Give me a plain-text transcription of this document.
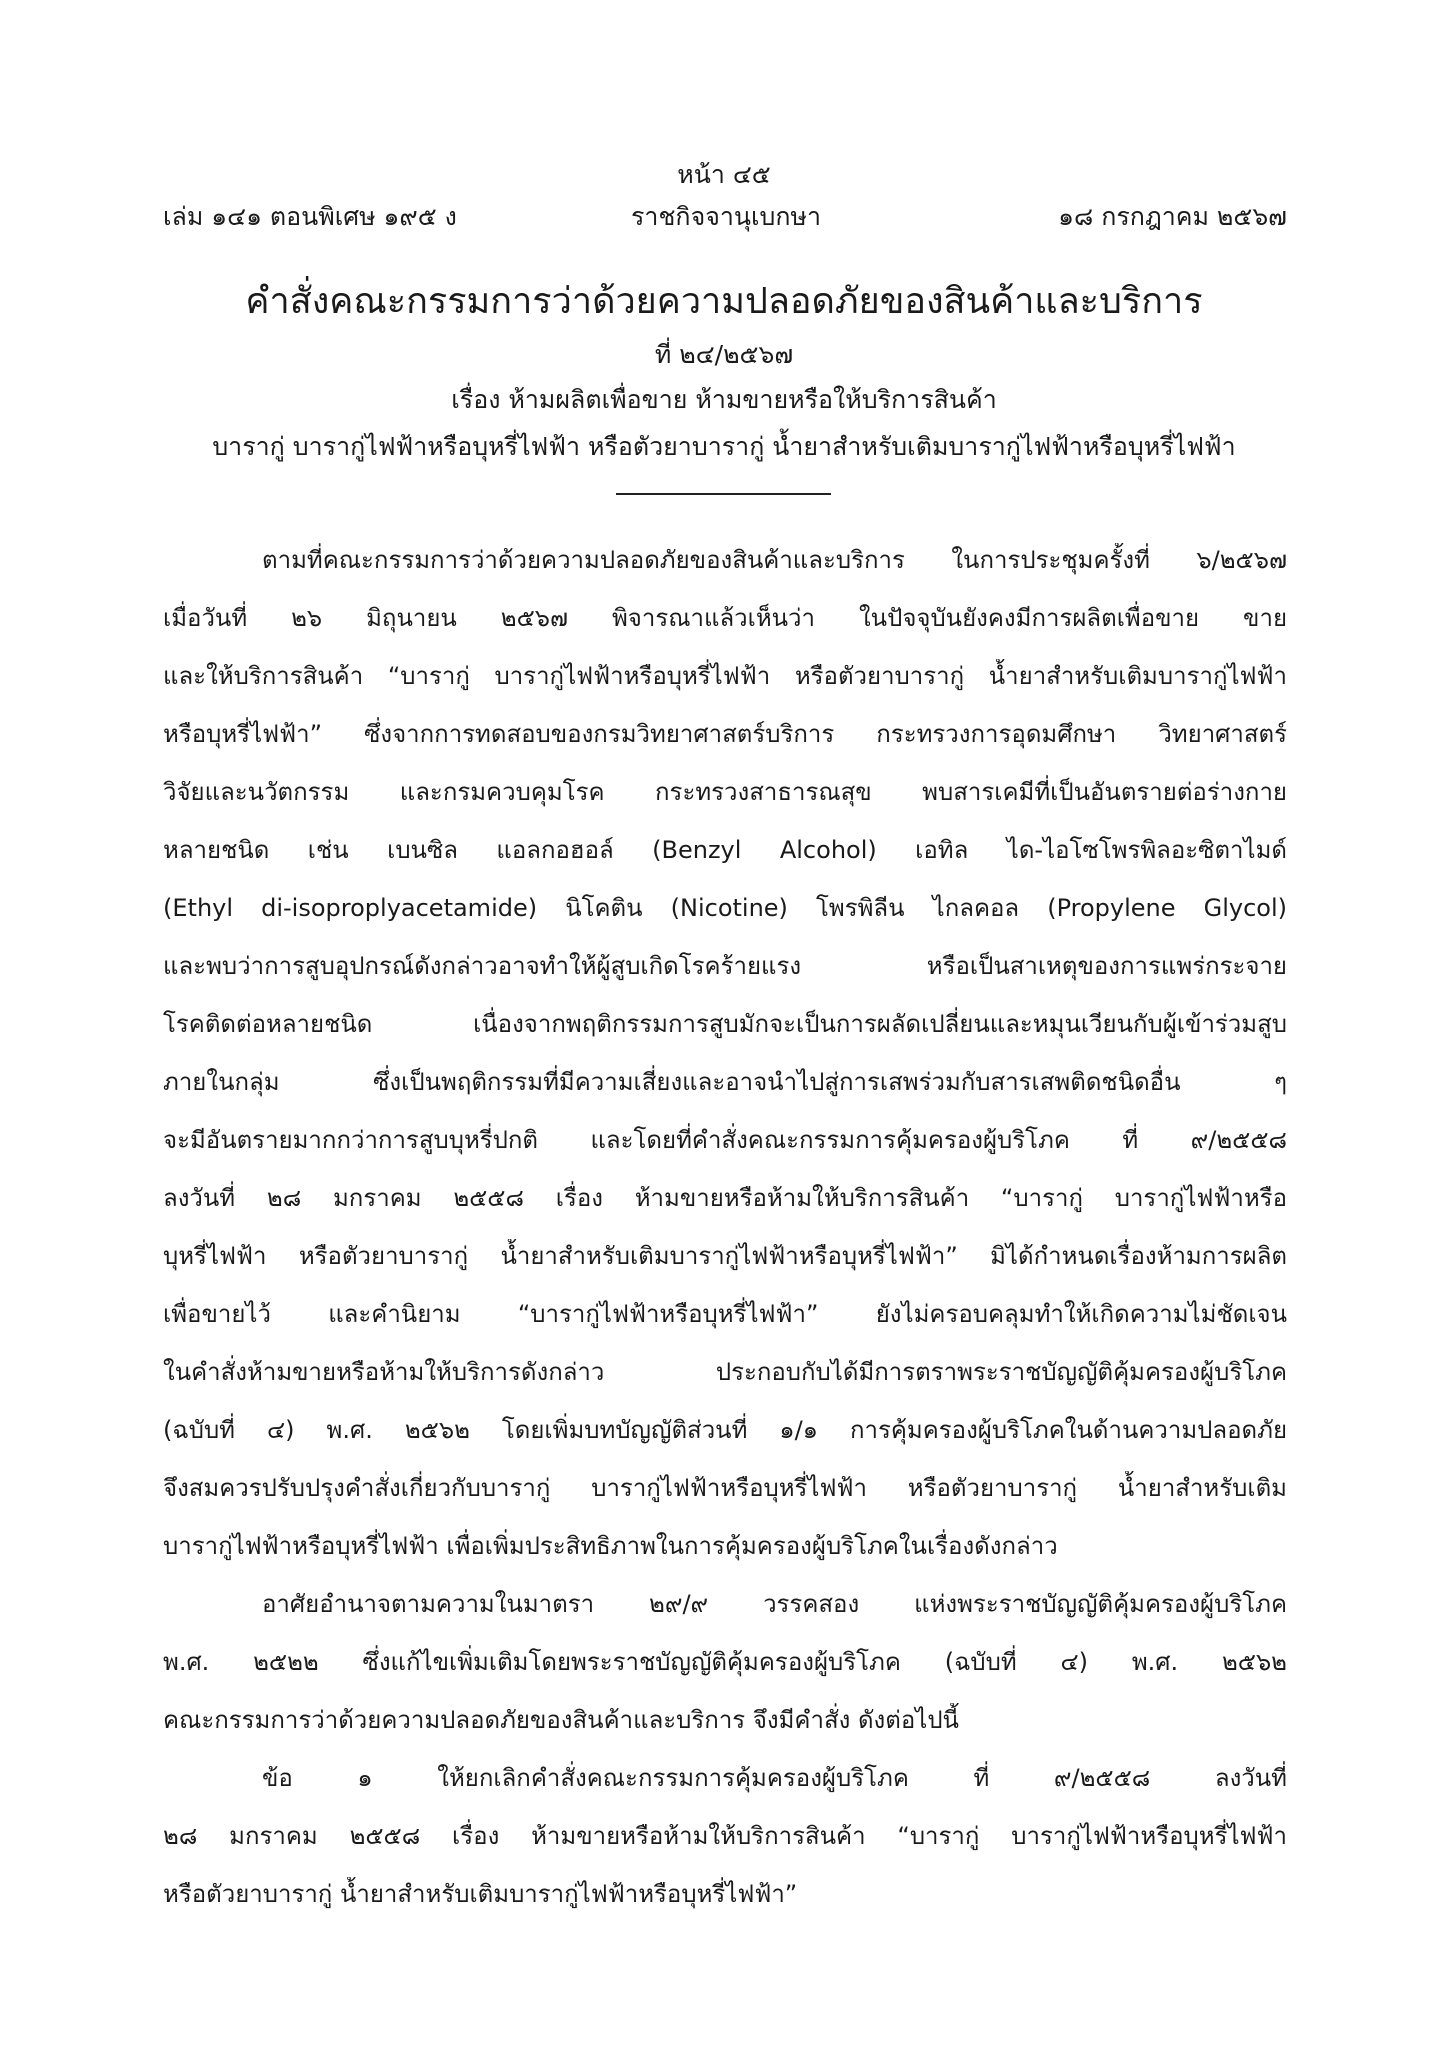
หน้า ๔๕
เล่ม ๑๔๑ ตอนพิเศษ ๑๙๕ ง	ราชกิจจานุเบกษา	๑๘ กรกฎาคม ๒๕๖๗
คำสั่งคณะกรรมการว่าด้วยความปลอดภัยของสินค้าและบริการ
ที่ ๒๔/๒๕๖๗
เรื่อง ห้ามผลิตเพื่อขาย ห้ามขายหรือให้บริการสินค้า
บารากู่ บารากู่ไฟฟ้าหรือบุหรี่ไฟฟ้า หรือตัวยาบารากู่ น้ำยาสำหรับเติมบารากู่ไฟฟ้าหรือบุหรี่ไฟฟ้า
ตามที่คณะกรรมการว่าด้วยความปลอดภัยของสินค้าและบริการ ในการประชุมครั้งที่ ๖/๒๕๖๗
เมื่อวันที่ ๒๖ มิถุนายน ๒๕๖๗ พิจารณาแล้วเห็นว่า ในปัจจุบันยังคงมีการผลิตเพื่อขาย ขาย
และให้บริการสินค้า “บารากู่ บารากู่ไฟฟ้าหรือบุหรี่ไฟฟ้า หรือตัวยาบารากู่ น้ำยาสำหรับเติมบารากู่ไฟฟ้า
หรือบุหรี่ไฟฟ้า” ซึ่งจากการทดสอบของกรมวิทยาศาสตร์บริการ กระทรวงการอุดมศึกษา วิทยาศาสตร์
วิจัยและนวัตกรรม และกรมควบคุมโรค กระทรวงสาธารณสุข พบสารเคมีที่เป็นอันตรายต่อร่างกาย
หลายชนิด เช่น เบนซิล แอลกอฮอล์ (Benzyl Alcohol) เอทิล ได-ไอโซโพรพิลอะซิตาไมด์
(Ethyl di-isoproplyacetamide) นิโคติน (Nicotine) โพรพิลีน ไกลคอล (Propylene Glycol)
และพบว่าการสูบอุปกรณ์ดังกล่าวอาจทำให้ผู้สูบเกิดโรคร้ายแรง หรือเป็นสาเหตุของการแพร่กระจาย
โรคติดต่อหลายชนิด เนื่องจากพฤติกรรมการสูบมักจะเป็นการผลัดเปลี่ยนและหมุนเวียนกับผู้เข้าร่วมสูบ
ภายในกลุ่ม ซึ่งเป็นพฤติกรรมที่มีความเสี่ยงและอาจนำไปสู่การเสพร่วมกับสารเสพติดชนิดอื่น ๆ
จะมีอันตรายมากกว่าการสูบบุหรี่ปกติ และโดยที่คำสั่งคณะกรรมการคุ้มครองผู้บริโภค ที่ ๙/๒๕๕๘
ลงวันที่ ๒๘ มกราคม ๒๕๕๘ เรื่อง ห้ามขายหรือห้ามให้บริการสินค้า “บารากู่ บารากู่ไฟฟ้าหรือ
บุหรี่ไฟฟ้า หรือตัวยาบารากู่ น้ำยาสำหรับเติมบารากู่ไฟฟ้าหรือบุหรี่ไฟฟ้า” มิได้กำหนดเรื่องห้ามการผลิต
เพื่อขายไว้ และคำนิยาม “บารากู่ไฟฟ้าหรือบุหรี่ไฟฟ้า” ยังไม่ครอบคลุมทำให้เกิดความไม่ชัดเจน
ในคำสั่งห้ามขายหรือห้ามให้บริการดังกล่าว ประกอบกับได้มีการตราพระราชบัญญัติคุ้มครองผู้บริโภค
(ฉบับที่ ๔) พ.ศ. ๒๕๖๒ โดยเพิ่มบทบัญญัติส่วนที่ ๑/๑ การคุ้มครองผู้บริโภคในด้านความปลอดภัย
จึงสมควรปรับปรุงคำสั่งเกี่ยวกับบารากู่ บารากู่ไฟฟ้าหรือบุหรี่ไฟฟ้า หรือตัวยาบารากู่ น้ำยาสำหรับเติม
บารากู่ไฟฟ้าหรือบุหรี่ไฟฟ้า เพื่อเพิ่มประสิทธิภาพในการคุ้มครองผู้บริโภคในเรื่องดังกล่าว
อาศัยอำนาจตามความในมาตรา ๒๙/๙ วรรคสอง แห่งพระราชบัญญัติคุ้มครองผู้บริโภค
พ.ศ. ๒๕๒๒ ซึ่งแก้ไขเพิ่มเติมโดยพระราชบัญญัติคุ้มครองผู้บริโภค (ฉบับที่ ๔) พ.ศ. ๒๕๖๒
คณะกรรมการว่าด้วยความปลอดภัยของสินค้าและบริการ จึงมีคำสั่ง ดังต่อไปนี้
ข้อ ๑ ให้ยกเลิกคำสั่งคณะกรรมการคุ้มครองผู้บริโภค ที่ ๙/๒๕๕๘ ลงวันที่
๒๘ มกราคม ๒๕๕๘ เรื่อง ห้ามขายหรือห้ามให้บริการสินค้า “บารากู่ บารากู่ไฟฟ้าหรือบุหรี่ไฟฟ้า
หรือตัวยาบารากู่ น้ำยาสำหรับเติมบารากู่ไฟฟ้าหรือบุหรี่ไฟฟ้า”
